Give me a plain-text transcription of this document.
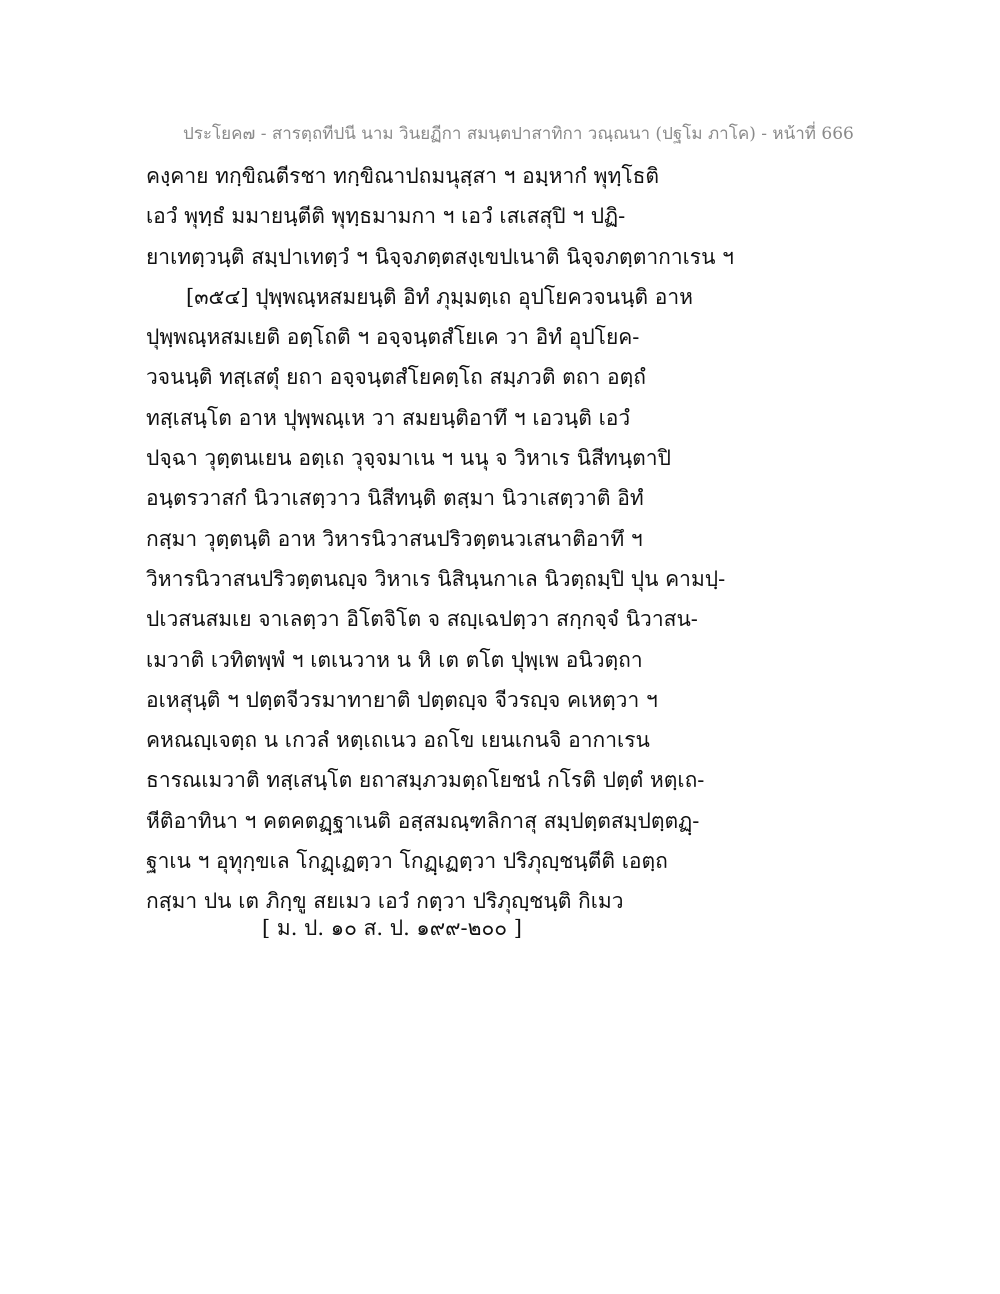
ประโยค๗ - สารตฺถทีปนี นาม วินยฏีกา สมนฺตปาสาทิกา วณฺณนา (ปฐโม ภาโค) - หน้าที่ 666
คงฺคาย ทกฺขิณตีรชา ทกฺขิณาปถมนุสฺสา ฯ อมฺหากํ พุทฺโธติ
เอวํ พุทฺธํ มมายนฺตีติ พุทฺธมามกา ฯ เอวํ เสเสสุปิ ฯ ปฏิ-
ยาเทตฺวนฺติ สมฺปาเทตฺวํ ฯ นิจฺจภตฺตสงฺเขปเนาติ นิจฺจภตฺตากาเรน ฯ
[๓๕๔] ปุพฺพณฺหสมยนฺติ อิทํ ภุมฺมตฺเถ อุปโยควจนนฺติ อาห
ปุพฺพณฺหสมเยติ อตฺโถติ ฯ อจฺจนฺตสํโยเค วา อิทํ อุปโยค-
วจนนฺติ ทสฺเสตุํ ยถา อจฺจนฺตสํโยคตฺโถ สมฺภวติ ตถา อตฺถํ
ทสฺเสนฺโต อาห ปุพฺพณฺเห วา สมยนฺติอาทึ ฯ เอวนฺติ เอวํ
ปจฺฉา วุตฺตนเยน อตฺเถ วุจฺจมาเน ฯ นนุ จ วิหาเร นิสีทนฺตาปิ
อนฺตรวาสกํ นิวาเสตฺวาว นิสีทนฺติ ตสฺมา นิวาเสตฺวาติ อิทํ
กสฺมา วุตฺตนฺติ อาห วิหารนิวาสนปริวตฺตนวเสนาติอาทึ ฯ
วิหารนิวาสนปริวตฺตนญฺจ วิหาเร นิสินฺนกาเล นิวตฺถมฺปิ ปุน คามปฺ-
ปเวสนสมเย จาเลตฺวา อิโตจิโต จ สญฺเฉปตฺวา สกฺกจฺจํ นิวาสน-
เมวาติ เวทิตพฺพํ ฯ เตเนวาห น หิ เต ตโต ปุพฺเพ อนิวตฺถา
อเหสุนฺติ ฯ ปตฺตจีวรมาทายาติ ปตฺตญฺจ จีวรญฺจ คเหตฺวา ฯ
คหณญฺเจตฺถ น เกวลํ หตฺเถเนว อถโข เยนเกนจิ อากาเรน
ธารณเมวาติ ทสฺเสนฺโต ยถาสมฺภวมตฺถโยชนํ กโรติ ปตฺตํ หตฺเถ-
หีติอาทินา ฯ คตคตฏฺฐาเนติ อสฺสมณฺฑลิกาสุ สมฺปตฺตสมฺปตฺตฏฺ-
ฐาเน ฯ อุทุกฺขเล โกฏฺเฏตฺวา โกฏฺเฏตฺวา ปริภุญฺชนฺตีติ เอตฺถ
กสฺมา ปน เต ภิกฺขู สยเมว เอวํ กตฺวา ปริภุญฺชนฺติ กิเมว
[ ม. ป. ๑๐ ส. ป. ๑๙๙-๒๐๐ ]
